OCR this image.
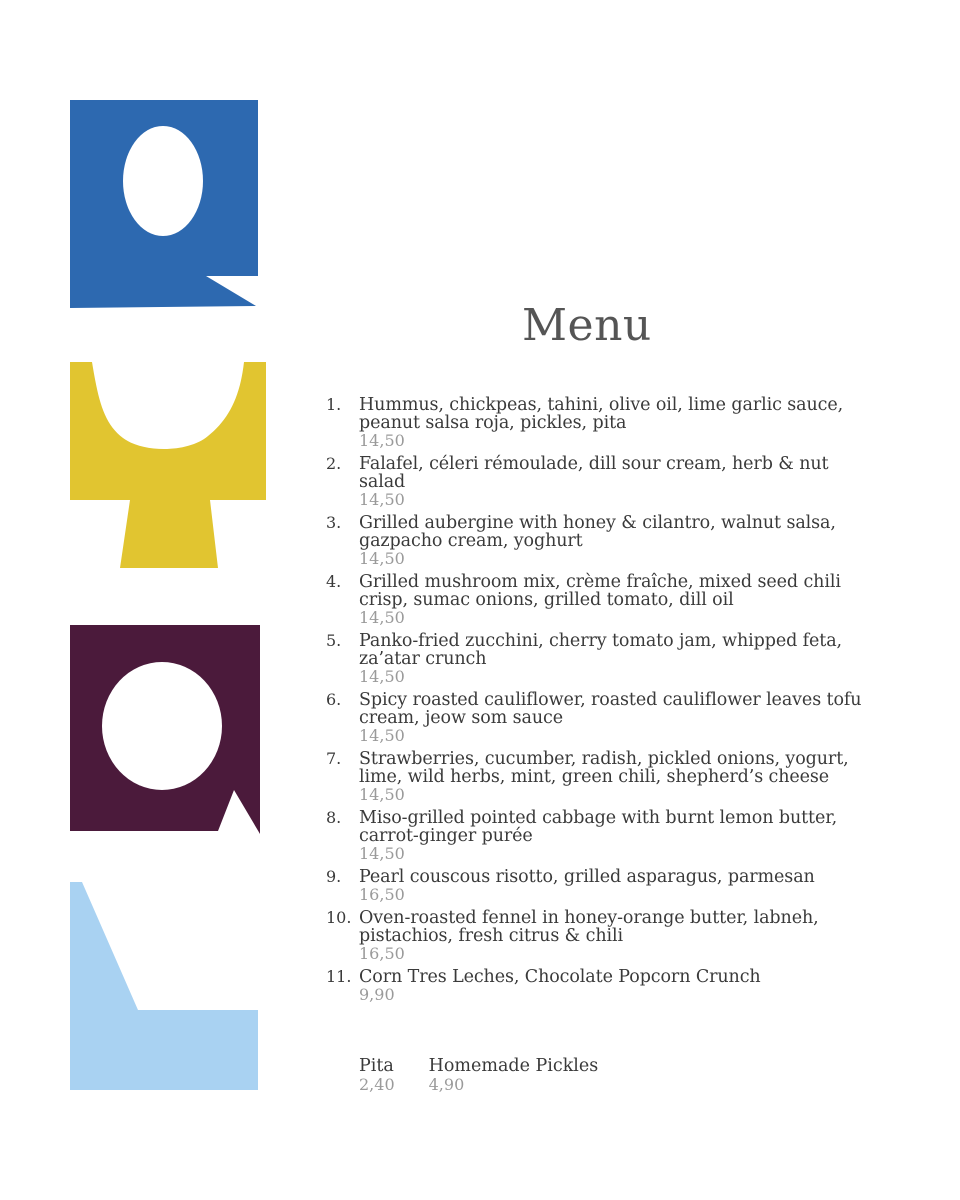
Menu
1. Hummus, chickpeas, tahini, olive oil, lime garlic sauce, peanut salsa roja, pickles, pita
14,50
2. Falafel, céleri rémoulade, dill sour cream, herb & nut salad
14,50
3. Grilled aubergine with honey & cilantro, walnut salsa, gazpacho cream, yoghurt
14,50
4. Grilled mushroom mix, crème fraîche, mixed seed chili crisp, sumac onions, grilled tomato, dill oil
14,50
5. Panko-fried zucchini, cherry tomato jam, whipped feta, za’atar crunch
14,50
6. Spicy roasted cauliflower, roasted cauliflower leaves tofu cream, jeow som sauce
14,50
7. Strawberries, cucumber, radish, pickled onions, yogurt, lime, wild herbs, mint, green chili, shepherd’s cheese
14,50
8. Miso-grilled pointed cabbage with burnt lemon butter, carrot-ginger purée
14,50
9. Pearl couscous risotto, grilled asparagus, parmesan
16,50
10. Oven-roasted fennel in honey-orange butter, labneh, pistachios, fresh citrus & chili
16,50
11. Corn Tres Leches, Chocolate Popcorn Crunch
9,90
Pita
2,40
Homemade Pickles
4,90
